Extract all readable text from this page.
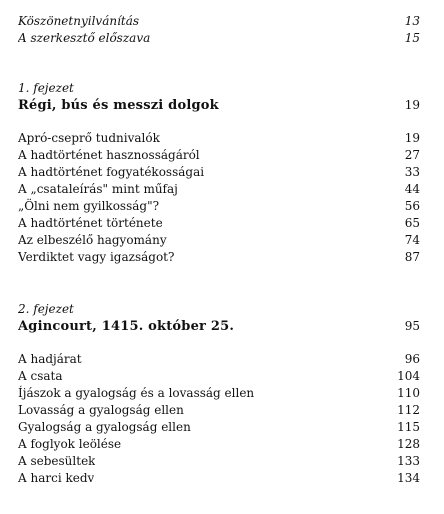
Köszönetnyilvánítás	13
A szerkesztő előszava	15
1. fejezet
Régi, bús és messzi dolgok	19
Apró-cseprő tudnivalók	19
A hadtörténet hasznosságáról	27
A hadtörténet fogyatékosságai	33
A „csataleírás" mint műfaj	44
„Ölni nem gyilkosság"?	56
A hadtörténet története	65
Az elbeszélő hagyomány	74
Verdiktet vagy igazságot?	87
2. fejezet
Agincourt, 1415. október 25.	95
A hadjárat	96
A csata	104
Íjászok a gyalogság és a lovasság ellen	110
Lovasság a gyalogság ellen	112
Gyalogság a gyalogság ellen	115
A foglyok leölése	128
A sebesültek	133
A harci kedv	134
